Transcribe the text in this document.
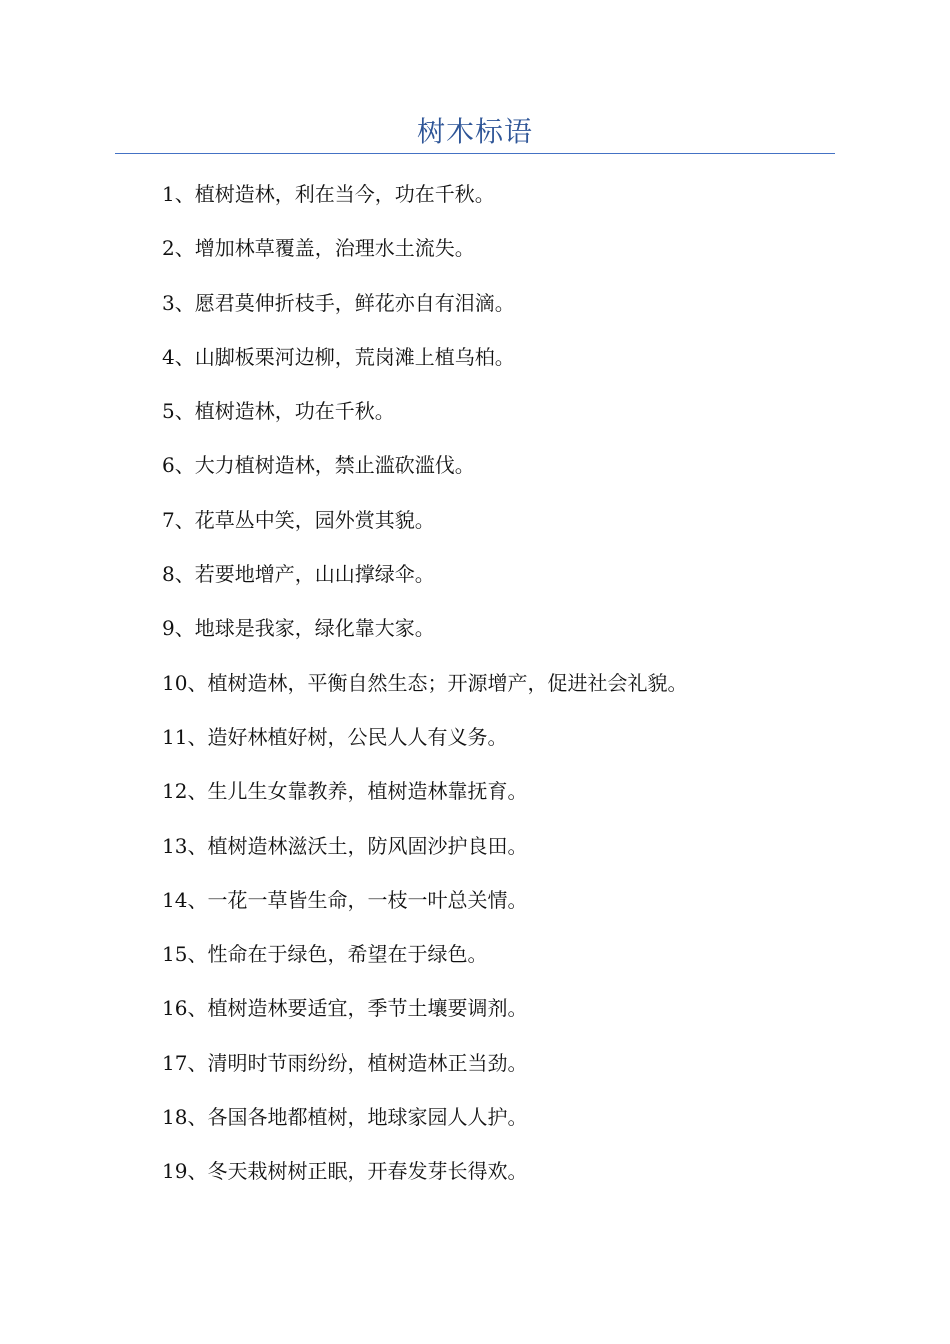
树木标语
1、植树造林，利在当今，功在千秋。
2、增加林草覆盖，治理水土流失。
3、愿君莫伸折枝手，鲜花亦自有泪滴。
4、山脚板栗河边柳，荒岗滩上植乌柏。
5、植树造林，功在千秋。
6、大力植树造林，禁止滥砍滥伐。
7、花草丛中笑，园外赏其貌。
8、若要地增产，山山撑绿伞。
9、地球是我家，绿化靠大家。
10、植树造林，平衡自然生态；开源增产，促进社会礼貌。
11、造好林植好树，公民人人有义务。
12、生儿生女靠教养，植树造林靠抚育。
13、植树造林滋沃土，防风固沙护良田。
14、一花一草皆生命，一枝一叶总关情。
15、性命在于绿色，希望在于绿色。
16、植树造林要适宜，季节土壤要调剂。
17、清明时节雨纷纷，植树造林正当劲。
18、各国各地都植树，地球家园人人护。
19、冬天栽树树正眠，开春发芽长得欢。
